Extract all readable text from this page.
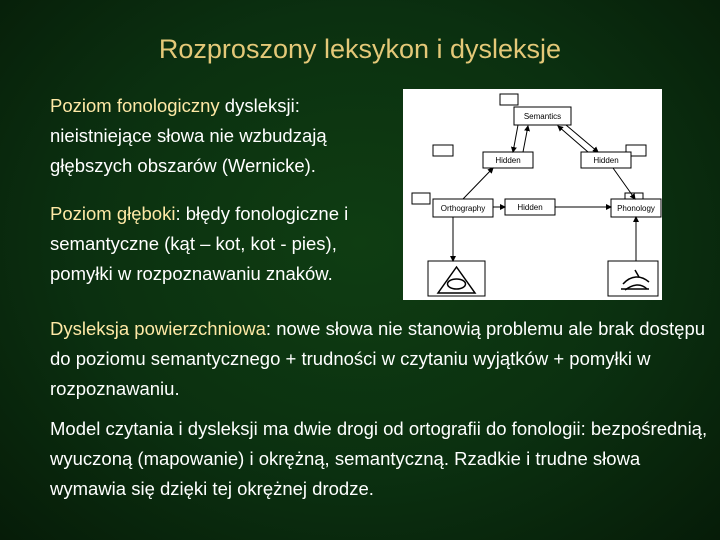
Rozproszony leksykon i dysleksje
Poziom fonologiczny dysleksji: nieistniejące słowa nie wzbudzają głębszych obszarów (Wernicke).
Poziom głęboki: błędy fonologiczne i semantyczne (kąt – kot, kot - pies), pomyłki w rozpoznawaniu znaków.
Dysleksja powierzchniowa: nowe słowa nie stanowią problemu ale brak dostępu do poziomu semantycznego + trudności w czytaniu wyjątków + pomyłki w rozpoznawaniu.
Model czytania i dysleksji ma dwie drogi od ortografii do fonologii: bezpośrednią, wyuczoną (mapowanie) i okrężną, semantyczną. Rzadkie i trudne słowa wymawia się dzięki tej okrężnej drodze.
Semantics
Hidden	Hidden
Orthography	Hidden	Phonology
